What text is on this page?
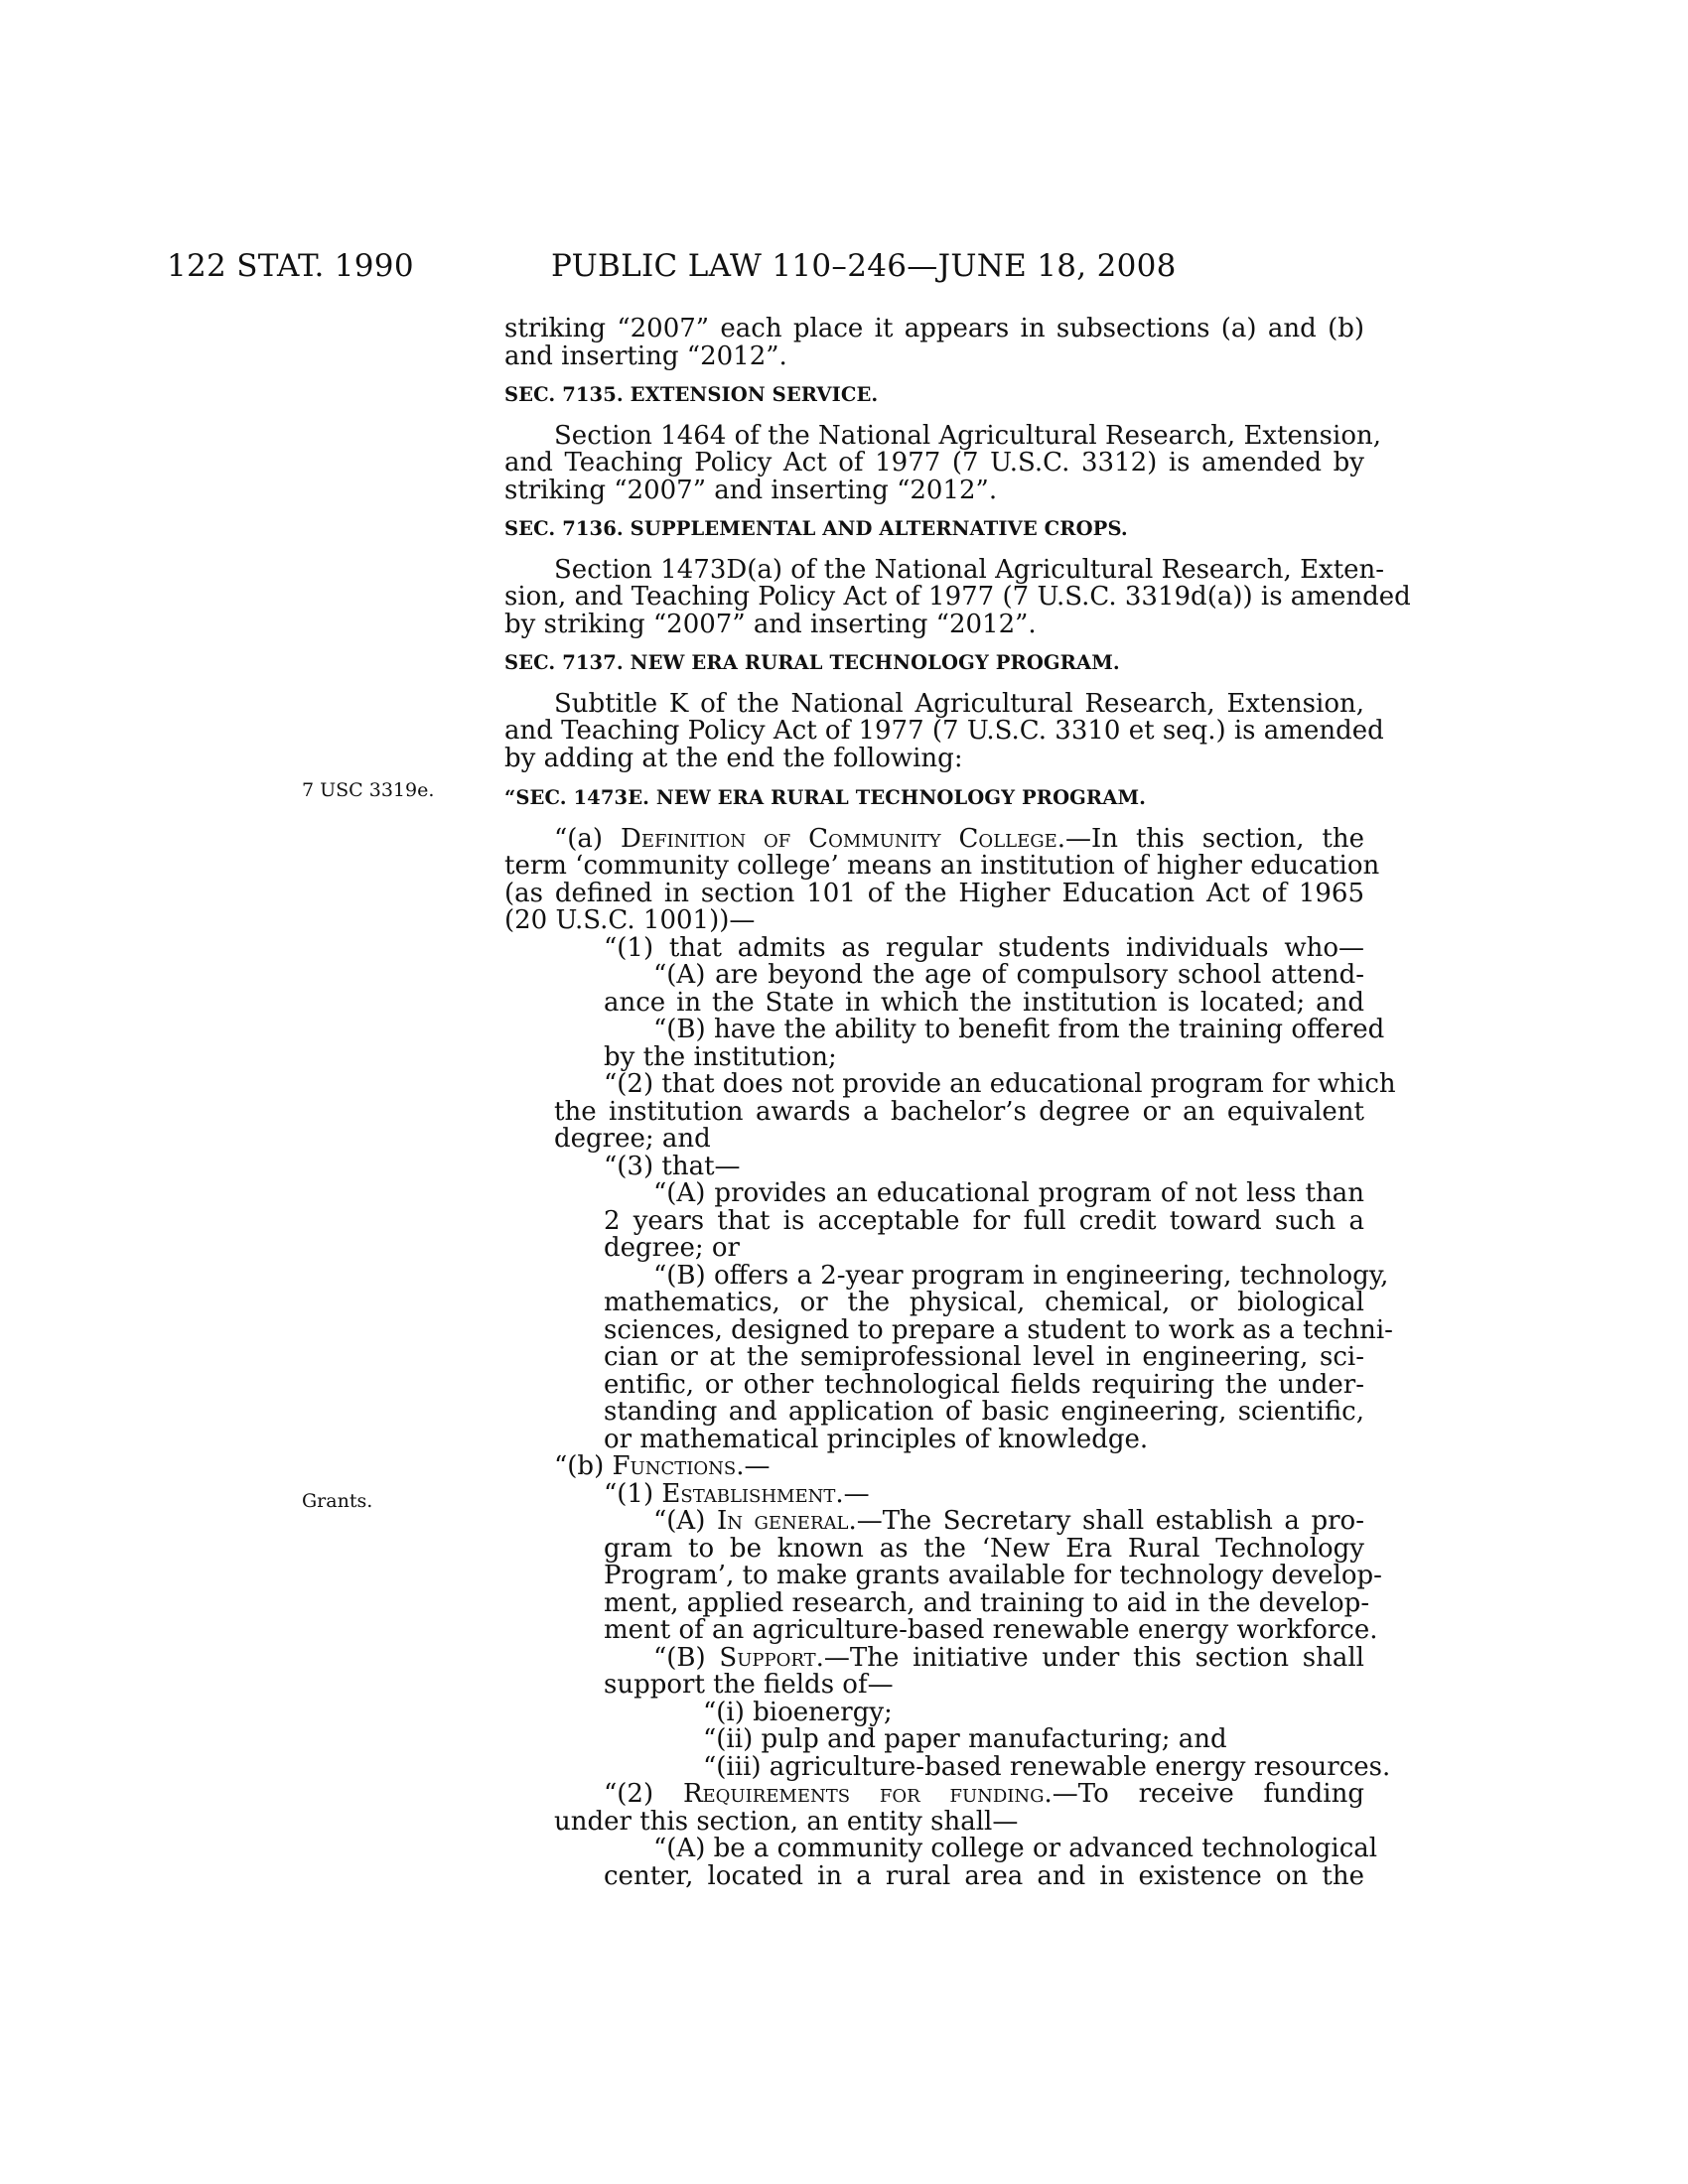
122 STAT. 1990	PUBLIC LAW 110–246—JUNE 18, 2008
7 USC 3319e.
Grants.
striking “2007” each place it appears in subsections (a) and (b)
and inserting “2012”.
SEC. 7135. EXTENSION SERVICE.
Section 1464 of the National Agricultural Research, Extension,
and Teaching Policy Act of 1977 (7 U.S.C. 3312) is amended by
striking “2007” and inserting “2012”.
SEC. 7136. SUPPLEMENTAL AND ALTERNATIVE CROPS.
Section 1473D(a) of the National Agricultural Research, Exten-
sion, and Teaching Policy Act of 1977 (7 U.S.C. 3319d(a)) is amended
by striking “2007” and inserting “2012”.
SEC. 7137. NEW ERA RURAL TECHNOLOGY PROGRAM.
Subtitle K of the National Agricultural Research, Extension,
and Teaching Policy Act of 1977 (7 U.S.C. 3310 et seq.) is amended
by adding at the end the following:
“SEC. 1473E. NEW ERA RURAL TECHNOLOGY PROGRAM.
“(a) Definition of Community College.—In this section, the
term ‘community college’ means an institution of higher education
(as defined in section 101 of the Higher Education Act of 1965
(20 U.S.C. 1001))—
“(1) that admits as regular students individuals who—
“(A) are beyond the age of compulsory school attend-
ance in the State in which the institution is located; and
“(B) have the ability to benefit from the training offered
by the institution;
“(2) that does not provide an educational program for which
the institution awards a bachelor’s degree or an equivalent
degree; and
“(3) that—
“(A) provides an educational program of not less than
2 years that is acceptable for full credit toward such a
degree; or
“(B) offers a 2-year program in engineering, technology,
mathematics, or the physical, chemical, or biological
sciences, designed to prepare a student to work as a techni-
cian or at the semiprofessional level in engineering, sci-
entific, or other technological fields requiring the under-
standing and application of basic engineering, scientific,
or mathematical principles of knowledge.
“(b) Functions.—
“(1) Establishment.—
“(A) In general.—The Secretary shall establish a pro-
gram to be known as the ‘New Era Rural Technology
Program’, to make grants available for technology develop-
ment, applied research, and training to aid in the develop-
ment of an agriculture-based renewable energy workforce.
“(B) Support.—The initiative under this section shall
support the fields of—
“(i) bioenergy;
“(ii) pulp and paper manufacturing; and
“(iii) agriculture-based renewable energy resources.
“(2) Requirements for funding.—To receive funding
under this section, an entity shall—
“(A) be a community college or advanced technological
center, located in a rural area and in existence on the
